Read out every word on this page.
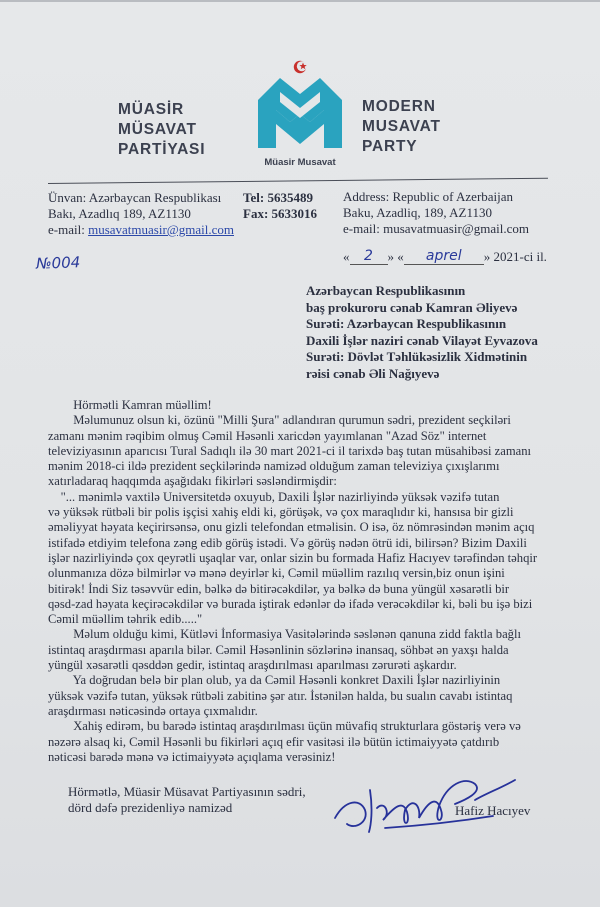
MÜASİR
MÜSAVAT
PARTİYASI
Müasir Musavat
MODERN
MUSAVAT
PARTY
Ünvan: Azərbaycan Respublikası
Bakı, Azadlıq 189, AZ1130
e-mail: musavatmuasir@gmail.com
Tel: 5635489
Fax: 5633016
Address: Republic of Azerbaijan
Baku, Azadliq, 189, AZ1130
e-mail: musavatmuasir@gmail.com
№004	« 2 » « aprel » 2021-ci il.
Azərbaycan Respublikasının
baş prokuroru cənab Kamran Əliyevə
Surəti: Azərbaycan Respublikasının
Daxili İşlər naziri cənab Vilayət Eyvazova
Surəti: Dövlət Təhlükəsizlik Xidmətinin
rəisi cənab Əli Nağıyevə
Hörmətli Kamran müəllim!
Məlumunuz olsun ki, özünü "Milli Şura" adlandıran qurumun sədri, prezident seçkiləri
zamanı mənim rəqibim olmuş Cəmil Həsənli xaricdən yayımlanan "Azad Söz" internet
televiziyasının aparıcısı Tural Sadıqlı ilə 30 mart 2021-ci il tarixdə baş tutan müsahibəsi zamanı
mənim 2018-ci ildə prezident seçkilərində namizəd olduğum zaman televiziya çıxışlarımı
xatırladaraq haqqımda aşağıdakı fikirləri səsləndirmişdir:
"... mənimlə vaxtilə Universitetdə oxuyub, Daxili İşlər nazirliyində yüksək vəzifə tutan
və yüksək rütbəli bir polis işçisi xahiş eldi ki, görüşək, və çox maraqlıdır ki, hansısa bir gizli
əməliyyat həyata keçirirsənsə, onu gizli telefondan etməlisin. O isə, öz nömrəsindən mənim açıq
istifadə etdiyim telefona zəng edib görüş istədi. Və görüş nədən ötrü idi, bilirsən? Bizim Daxili
işlər nazirliyində çox qeyrətli uşaqlar var, onlar sizin bu formada Hafiz Hacıyev tərəfindən təhqir
olunmanıza dözə bilmirlər və mənə deyirlər ki, Cəmil müəllim razılıq versin,biz onun işini
bitirək! İndi Siz təsəvvür edin, bəlkə də bitirəcəkdilər, ya bəlkə də buna yüngül xəsarətli bir
qəsd-zad həyata keçirəcəkdilər və burada iştirak edənlər də ifadə verəcəkdilər ki, bəli bu işə bizi
Cəmil müəllim təhrik edib....."
Məlum olduğu kimi, Kütləvi İnformasiya Vasitələrində səslənən qanuna zidd faktla bağlı
istintaq araşdırması aparıla bilər. Cəmil Həsənlinin sözlərinə inansaq, söhbət ən yaxşı halda
yüngül xəsarətli qəsddən gedir, istintaq araşdırılması aparılması zərurəti aşkardır.
Ya doğrudan belə bir plan olub, ya da Cəmil Həsənli konkret Daxili İşlər nazirliyinin
yüksək vəzifə tutan, yüksək rütbəli zabitinə şər atır. İstənilən halda, bu sualın cavabı istintaq
araşdırması nəticəsində ortaya çıxmalıdır.
Xahiş edirəm, bu barədə istintaq araşdırılması üçün müvafiq strukturlara göstəriş verə və
nəzərə alsaq ki, Cəmil Həsənli bu fikirləri açıq efir vasitəsi ilə bütün ictimaiyyətə çatdırıb
nəticəsi barədə mənə və ictimaiyyətə açıqlama verəsiniz!
Hörmətlə, Müasir Müsavat Partiyasının sədri,
dörd dəfə prezidenliyə namizəd	Hafiz Hacıyev
